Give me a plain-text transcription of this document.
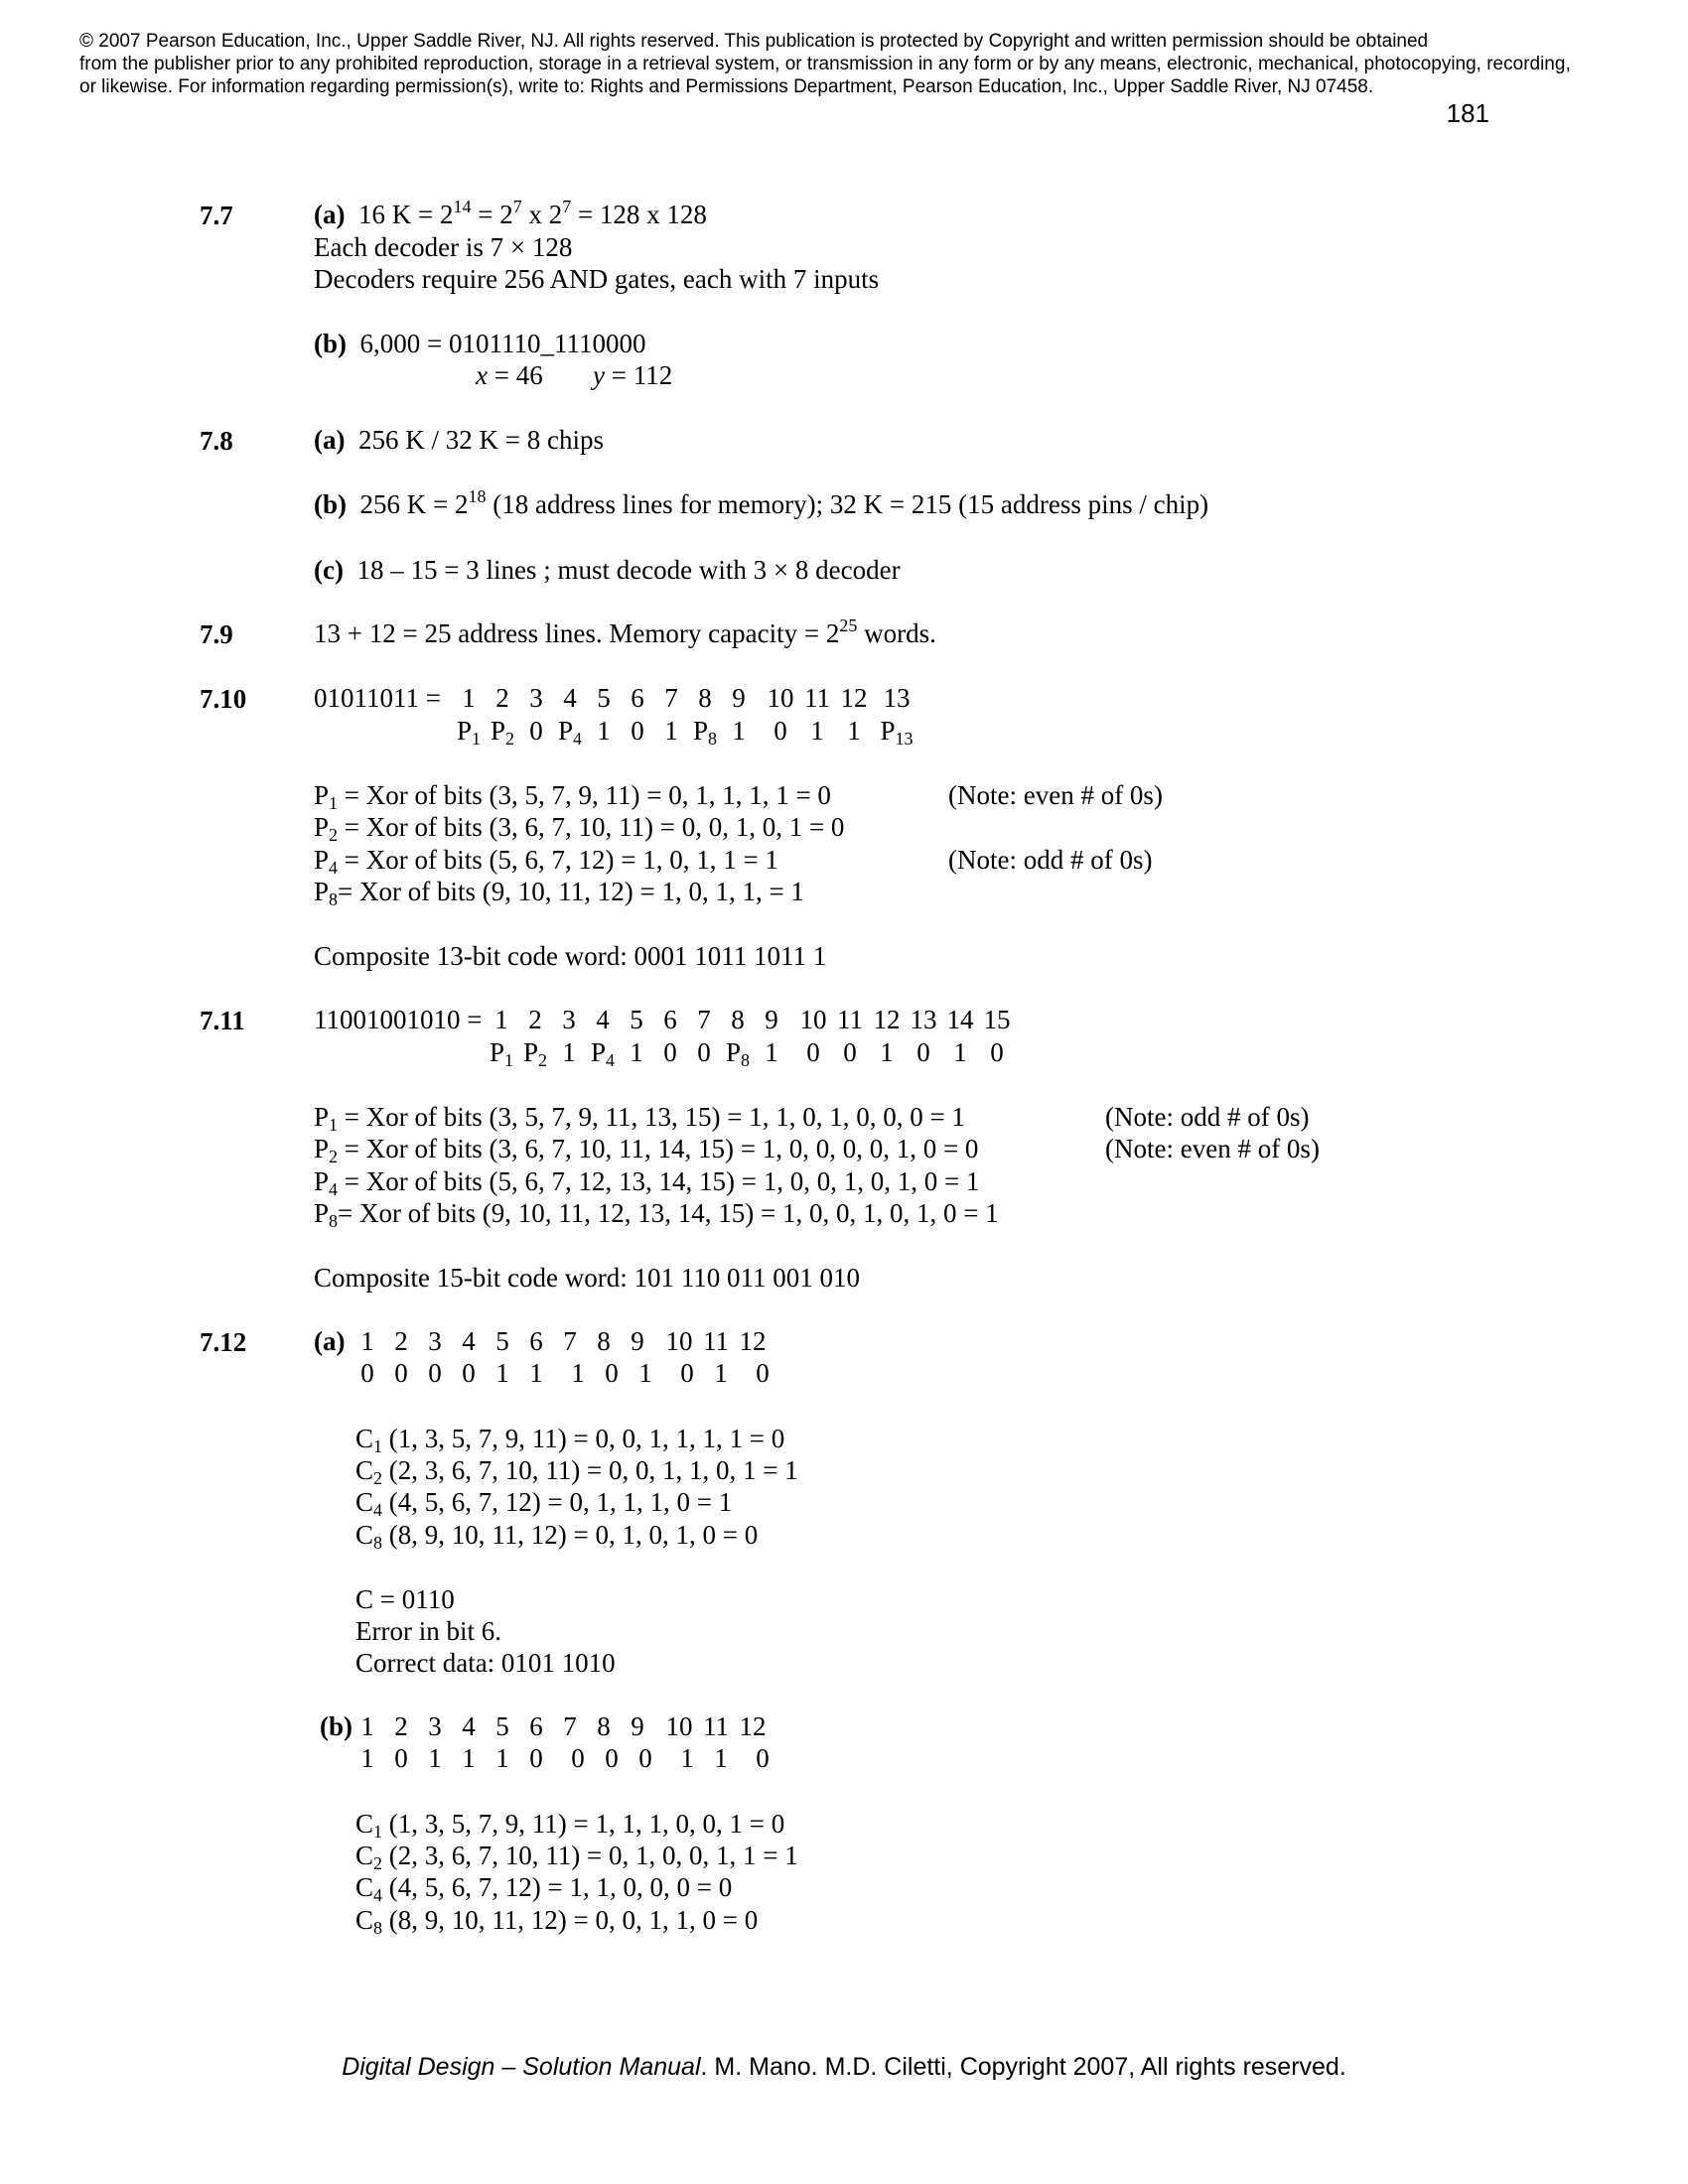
© 2007 Pearson Education, Inc., Upper Saddle River, NJ. All rights reserved. This publication is protected by Copyright and written permission should be obtained
from the publisher prior to any prohibited reproduction, storage in a retrieval system, or transmission in any form or by any means, electronic, mechanical, photocopying, recording,
or likewise. For information regarding permission(s), write to: Rights and Permissions Department, Pearson Education, Inc., Upper Saddle River, NJ 07458.
181
7.7	(a) 16 $K = 2^{14} = 2^7$ x $2^7 = 128$ x 128
Each decoder is 7 × 128
Decoders require 256 AND gates, each with 7 inputs
(b) 6,000 = 0101110_1110000
x = 46 y = 112
7.8	(a) 256 K / 32 K = 8 chips
(b) 256 $K = 2^{18}$ (18 address lines for memory); 32 K = 215 (15 address pins / chip)
(c) 18 – 15 = 3 lines ; must decode with 3 × 8 decoder
7.9	13 + 12 = 25 address lines. Memory capacity = $2^{25}$ words.
7.10	01011011 = 1 2 3 4 5 6 7 8 9 10 11 12 13
$P_1$ $P_2$ 0 $P_4$ 1 0 1 $P_8$ 1	0 1 1 $P_{13}$
$P_1$ = Xor of bits (3, 5, 7, 9, 11) = 0, 1, 1, 1, 1 = 0
$P_2$ = Xor of bits (3, 6, 7, 10, 11) = 0, 0, 1, 0, 1 = 0
$P_4$ = Xor of bits (5, 6, 7, 12) = 1, 0, 1, 1 = 1
$P_8=$ Xor of bits (9, 10, 11, 12) = 1, 0, 1, 1, = 1
(Note: even # of 0s)
(Note: odd # of 0s)
Composite 13-bit code word: 0001 1011 1011 1
7.11	11001001010 = 1 2 3 4 5 6 7 8 9 10 11 12 13 14 15
$P_1$ $P_2$ 1 $P_4$ 1 0 0 $P_8$ 1	0 0 1 0 1 0
$P_1$ = Xor of bits (3, 5, 7, 9, 11, 13, 15) = 1, 1, 0, 1, 0, 0, 0 = 1
$P_2$ = Xor of bits (3, 6, 7, 10, 11, 14, 15) = 1, 0, 0, 0, 0, 1, 0 = 0
$P_4$ = Xor of bits (5, 6, 7, 12, 13, 14, 15) = 1, 0, 0, 1, 0, 1, 0 = 1
$P_8=$ Xor of bits (9, 10, 11, 12, 13, 14, 15) = 1, 0, 0, 1, 0, 1, 0 = 1
(Note: odd # of 0s)
(Note: even # of 0s)
Composite 15-bit code word: 101 110 011 001 010
7.12	(a) 1 2 3 4 5 6 7 8 9 10 11 12
0 0 0 0 1 1	1 0 1	0 1	0
$C_1$ (1, 3, 5, 7, 9, 11) = 0, 0, 1, 1, 1, 1 = 0
$C_2$ (2, 3, 6, 7, 10, 11) = 0, 0, 1, 1, 0, 1 = 1
$C_4$ (4, 5, 6, 7, 12) = 0, 1, 1, 1, 0 = 1
$C_8$ (8, 9, 10, 11, 12) = 0, 1, 0, 1, 0 = 0
C = 0110
Error in bit 6.
Correct data: 0101 1010
(b) 1 2 3 4 5 6 7 8 9 10 11 12
1 0 1 1 1 0	0 0 0	1 1	0
$C_1$ (1, 3, 5, 7, 9, 11) = 1, 1, 1, 0, 0, 1 = 0
$C_2$ (2, 3, 6, 7, 10, 11) = 0, 1, 0, 0, 1, 1 = 1
$C_4$ (4, 5, 6, 7, 12) = 1, 1, 0, 0, 0 = 0
$C_8$ (8, 9, 10, 11, 12) = 0, 0, 1, 1, 0 = 0
Digital Design – Solution Manual. M. Mano. M.D. Ciletti, Copyright 2007, All rights reserved.
